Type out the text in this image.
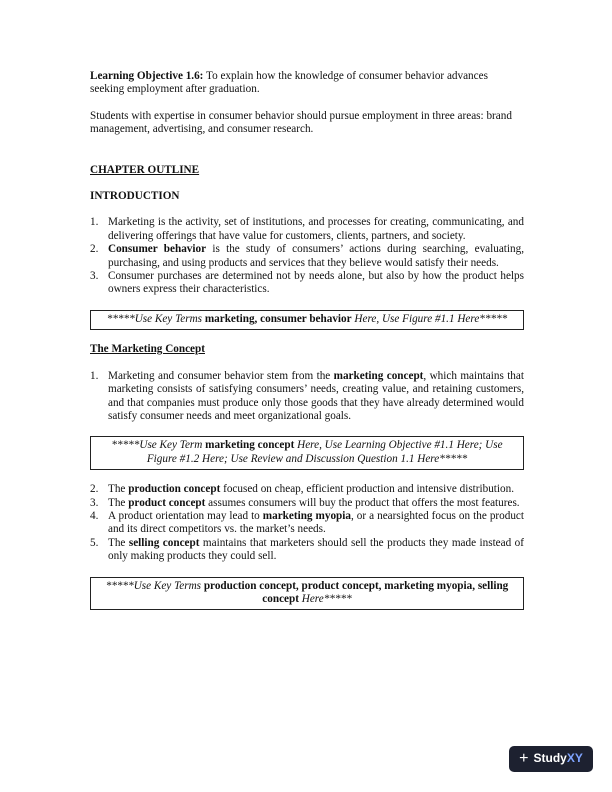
Learning Objective 1.6: To explain how the knowledge of consumer behavior advances seeking employment after graduation.

Students with expertise in consumer behavior should pursue employment in three areas: brand management, advertising, and consumer research.

CHAPTER OUTLINE

INTRODUCTION

1. Marketing is the activity, set of institutions, and processes for creating, communicating, and delivering offerings that have value for customers, clients, partners, and society.
2. Consumer behavior is the study of consumers’ actions during searching, evaluating, purchasing, and using products and services that they believe would satisfy their needs.
3. Consumer purchases are determined not by needs alone, but also by how the product helps owners express their characteristics.
*****Use Key Terms marketing, consumer behavior Here, Use Figure #1.1 Here*****

The Marketing Concept

1. Marketing and consumer behavior stem from the marketing concept, which maintains that marketing consists of satisfying consumers’ needs, creating value, and retaining customers, and that companies must produce only those goods that they have already determined would satisfy consumer needs and meet organizational goals.
*****Use Key Term marketing concept Here, Use Learning Objective #1.1 Here; Use Figure #1.2 Here; Use Review and Discussion Question 1.1 Here*****
2. The production concept focused on cheap, efficient production and intensive distribution.
3. The product concept assumes consumers will buy the product that offers the most features.
4. A product orientation may lead to marketing myopia, or a nearsighted focus on the product and its direct competitors vs. the market’s needs.
5. The selling concept maintains that marketers should sell the products they made instead of only making products they could sell.
*****Use Key Terms production concept, product concept, marketing myopia, selling concept Here*****
+ Study XY
